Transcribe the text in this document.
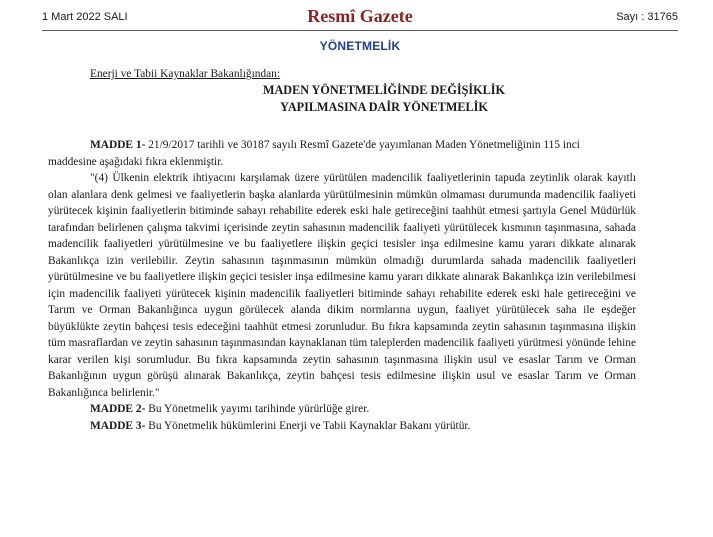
1 Mart 2022 SALI	Resmî Gazete	Sayı : 31765
YÖNETMELİK
Enerji ve Tabii Kaynaklar Bakanlığından:
MADEN YÖNETMELİĞİNDE DEĞİŞİKLİK
YAPILMASINA DAİR YÖNETMELİK
MADDE 1- 21/9/2017 tarihli ve 30187 sayılı Resmî Gazete'de yayımlanan Maden Yönetmeliğinin 115 inci
maddesine aşağıdaki fıkra eklenmiştir.
"(4) Ülkenin elektrik ihtiyacını karşılamak üzere yürütülen madencilik faaliyetlerinin tapuda zeytinlik olarak kayıtlı olan alanlara denk gelmesi ve faaliyetlerin başka alanlarda yürütülmesinin mümkün olmaması durumunda madencilik faaliyeti yürütecek kişinin faaliyetlerin bitiminde sahayı rehabilite ederek eski hale getireceğini taahhüt etmesi şartıyla Genel Müdürlük tarafından belirlenen çalışma takvimi içerisinde zeytin sahasının madencilik faaliyeti yürütülecek kısmının taşınmasına, sahada madencilik faaliyetleri yürütülmesine ve bu faaliyetlere ilişkin geçici tesisler inşa edilmesine kamu yararı dikkate alınarak Bakanlıkça izin verilebilir. Zeytin sahasının taşınmasının mümkün olmadığı durumlarda sahada madencilik faaliyetleri yürütülmesine ve bu faaliyetlere ilişkin geçici tesisler inşa edilmesine kamu yararı dikkate alınarak Bakanlıkça izin verilebilmesi için madencilik faaliyeti yürütecek kişinin madencilik faaliyetleri bitiminde sahayı rehabilite ederek eski hale getireceğini ve Tarım ve Orman Bakanlığınca uygun görülecek alanda dikim normlarına uygun, faaliyet yürütülecek saha ile eşdeğer büyüklükte zeytin bahçesi tesis edeceğini taahhüt etmesi zorunludur. Bu fıkra kapsamında zeytin sahasının taşınmasına ilişkin tüm masraflardan ve zeytin sahasının taşınmasından kaynaklanan tüm taleplerden madencilik faaliyeti yürütmesi yönünde lehine karar verilen kişi sorumludur. Bu fıkra kapsamında zeytin sahasının taşınmasına ilişkin usul ve esaslar Tarım ve Orman Bakanlığının uygun görüşü alınarak Bakanlıkça, zeytin bahçesi tesis edilmesine ilişkin usul ve esaslar Tarım ve Orman Bakanlığınca belirlenir."
MADDE 2- Bu Yönetmelik yayımı tarihinde yürürlüğe girer.
MADDE 3- Bu Yönetmelik hükümlerini Enerji ve Tabii Kaynaklar Bakanı yürütür.
